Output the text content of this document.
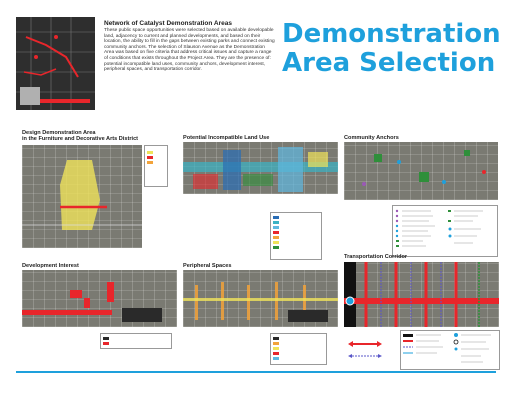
Network of Catalyst Demonstration Areas
These public space opportunities were selected based on available developable land, adjacency to current and planned developments, and based on their location, the ability to fill in the gaps between existing parks and connect existing community anchors. The selection of Slauson Avenue as the Demonstration Area was based on five criteria that address critical issues and capture a range of conditions that exists throughout the Project Area. They are the presence of: potential incompatible land uses, community anchors, development interest, peripheral spaces, and transportation corridor.
Demonstration
Area Selection
Design Demonstration Area
in the Furniture and Decorative Arts District	Potential Incompatible Land Use	Community Anchors
Development Interest	Peripheral Spaces
Transportation Corridor
